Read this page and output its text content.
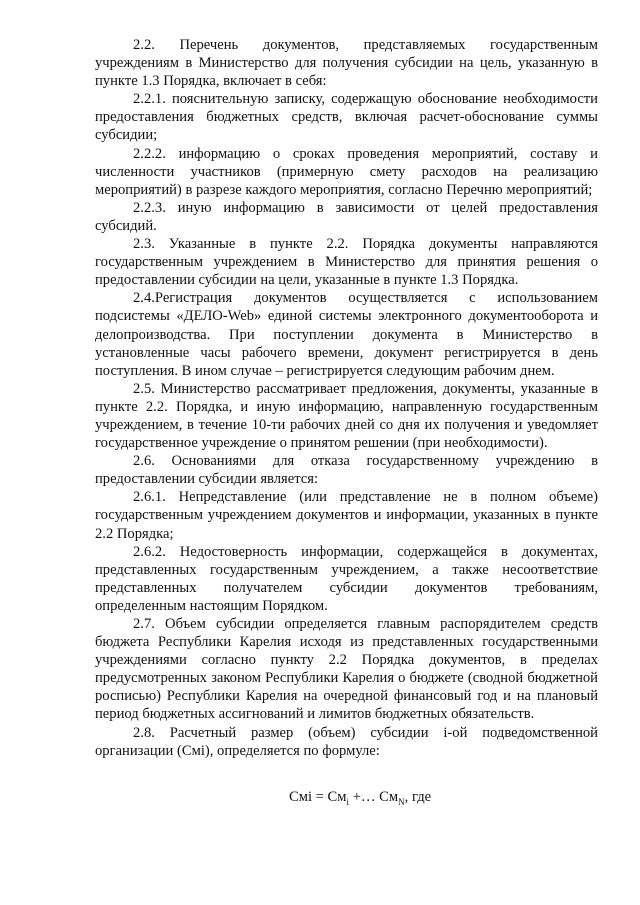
2.2. Перечень документов, представляемых государственным учреждениям в Министерство для получения субсидии на цель, указанную в пункте 1.3 Порядка, включает в себя:

2.2.1. пояснительную записку, содержащую обоснование необходимости предоставления бюджетных средств, включая расчет-обоснование суммы субсидии;

2.2.2. информацию о сроках проведения мероприятий, составу и численности участников (примерную смету расходов на реализацию мероприятий) в разрезе каждого мероприятия, согласно Перечню мероприятий;

2.2.3. иную информацию в зависимости от целей предоставления субсидий.

2.3. Указанные в пункте 2.2. Порядка документы направляются государственным учреждением в Министерство для принятия решения о предоставлении субсидии на цели, указанные в пункте 1.3 Порядка.

2.4.Регистрация документов осуществляется с использованием подсистемы «ДЕЛО-Web» единой системы электронного документооборота и делопроизводства. При поступлении документа в Министерство в установленные часы рабочего времени, документ регистрируется в день поступления. В ином случае – регистрируется следующим рабочим днем.

2.5. Министерство рассматривает предложения, документы, указанные в пункте 2.2. Порядка, и иную информацию, направленную государственным учреждением, в течение 10-ти рабочих дней со дня их получения и уведомляет государственное учреждение о принятом решении (при необходимости).

2.6. Основаниями для отказа государственному учреждению в предоставлении субсидии является:

2.6.1. Непредставление (или представление не в полном объеме) государственным учреждением документов и информации, указанных в пункте 2.2 Порядка;

2.6.2. Недостоверность информации, содержащейся в документах, представленных государственным учреждением, а также несоответствие представленных получателем субсидии документов требованиям, определенным настоящим Порядком.

2.7. Объем субсидии определяется главным распорядителем средств бюджета Республики Карелия исходя из представленных государственными учреждениями согласно пункту 2.2 Порядка документов, в пределах предусмотренных законом Республики Карелия о бюджете (сводной бюджетной росписью) Республики Карелия на очередной финансовый год и на плановый период бюджетных ассигнований и лимитов бюджетных обязательств.

2.8. Расчетный размер (объем) субсидии i-ой подведомственной организации (Смi), определяется по формуле:

Смi = $См_i$ +… $См_N$, где
